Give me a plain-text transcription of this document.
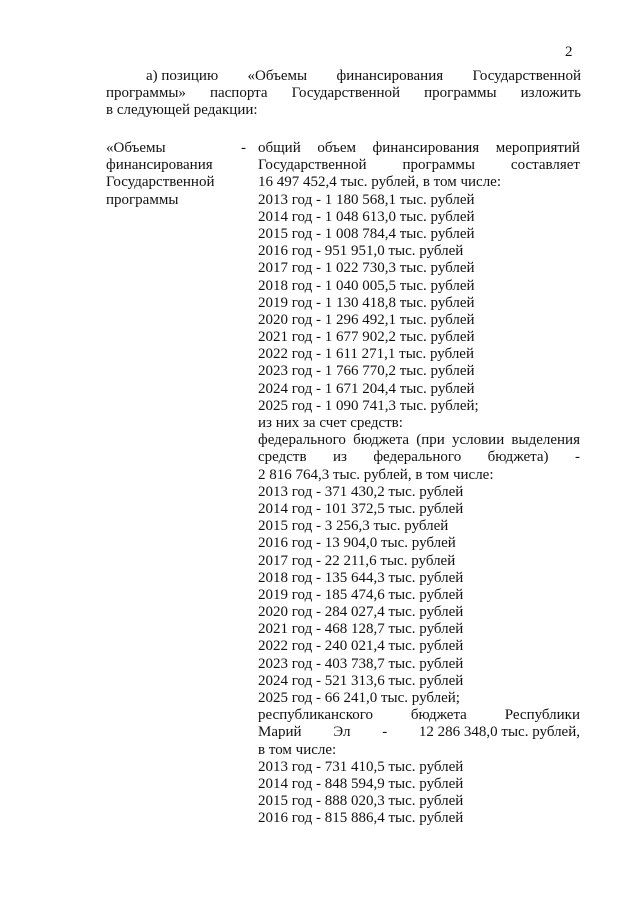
2
а) позицию «Объемы финансирования Государственной
программы» паспорта Государственной программы изложить
в следующей редакции:
«Объемы
финансирования
Государственной
программы
- общий объем финансирования мероприятий
Государственной программы составляет
16 497 452,4 тыс. рублей, в том числе:
2013 год - 1 180 568,1 тыс. рублей
2014 год - 1 048 613,0 тыс. рублей
2015 год - 1 008 784,4 тыс. рублей
2016 год - 951 951,0 тыс. рублей
2017 год - 1 022 730,3 тыс. рублей
2018 год - 1 040 005,5 тыс. рублей
2019 год - 1 130 418,8 тыс. рублей
2020 год - 1 296 492,1 тыс. рублей
2021 год - 1 677 902,2 тыс. рублей
2022 год - 1 611 271,1 тыс. рублей
2023 год - 1 766 770,2 тыс. рублей
2024 год - 1 671 204,4 тыс. рублей
2025 год - 1 090 741,3 тыс. рублей;
из них за счет средств:
федерального бюджета (при условии выделения
средств из федерального бюджета) -
2 816 764,3 тыс. рублей, в том числе:
2013 год - 371 430,2 тыс. рублей
2014 год - 101 372,5 тыс. рублей
2015 год - 3 256,3 тыс. рублей
2016 год - 13 904,0 тыс. рублей
2017 год - 22 211,6 тыс. рублей
2018 год - 135 644,3 тыс. рублей
2019 год - 185 474,6 тыс. рублей
2020 год - 284 027,4 тыс. рублей
2021 год - 468 128,7 тыс. рублей
2022 год - 240 021,4 тыс. рублей
2023 год - 403 738,7 тыс. рублей
2024 год - 521 313,6 тыс. рублей
2025 год - 66 241,0 тыс. рублей;
республиканского	бюджета	Республики
Марий Эл - 12 286 348,0 тыс. рублей,
в том числе:
2013 год - 731 410,5 тыс. рублей
2014 год - 848 594,9 тыс. рублей
2015 год - 888 020,3 тыс. рублей
2016 год - 815 886,4 тыс. рублей
